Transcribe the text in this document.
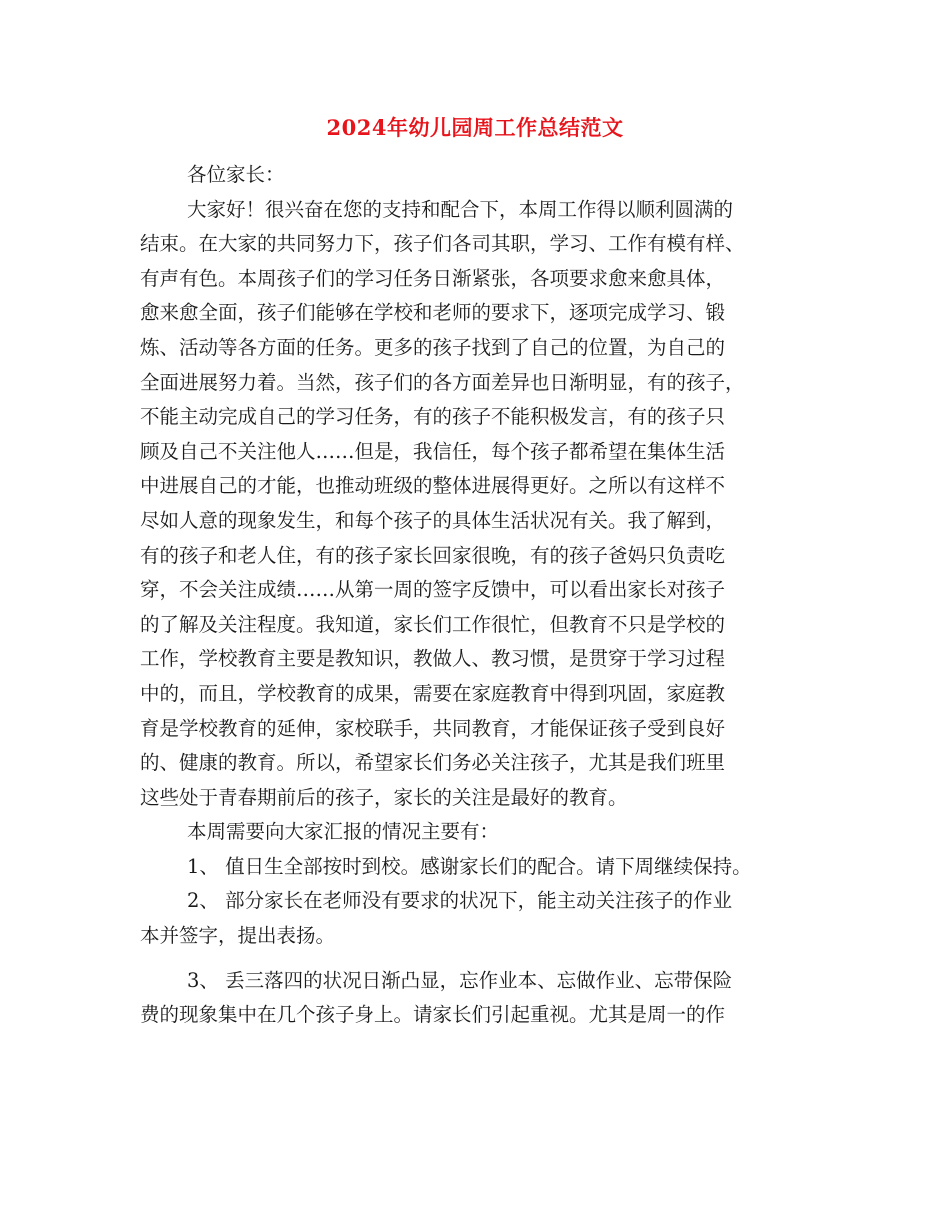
2024年幼儿园周工作总结范文
各位家长：
大家好！很兴奋在您的支持和配合下，本周工作得以顺利圆满的
结束。在大家的共同努力下，孩子们各司其职，学习、工作有模有样、
有声有色。本周孩子们的学习任务日渐紧张，各项要求愈来愈具体，
愈来愈全面，孩子们能够在学校和老师的要求下，逐项完成学习、锻
炼、活动等各方面的任务。更多的孩子找到了自己的位置，为自己的
全面进展努力着。当然，孩子们的各方面差异也日渐明显，有的孩子，
不能主动完成自己的学习任务，有的孩子不能积极发言，有的孩子只
顾及自己不关注他人……但是，我信任，每个孩子都希望在集体生活
中进展自己的才能，也推动班级的整体进展得更好。之所以有这样不
尽如人意的现象发生，和每个孩子的具体生活状况有关。我了解到，
有的孩子和老人住，有的孩子家长回家很晚，有的孩子爸妈只负责吃
穿，不会关注成绩……从第一周的签字反馈中，可以看出家长对孩子
的了解及关注程度。我知道，家长们工作很忙，但教育不只是学校的
工作，学校教育主要是教知识，教做人、教习惯，是贯穿于学习过程
中的，而且，学校教育的成果，需要在家庭教育中得到巩固，家庭教
育是学校教育的延伸，家校联手，共同教育，才能保证孩子受到良好
的、健康的教育。所以，希望家长们务必关注孩子，尤其是我们班里
这些处于青春期前后的孩子，家长的关注是最好的教育。
本周需要向大家汇报的情况主要有：
1、 值日生全部按时到校。感谢家长们的配合。请下周继续保持。
2、 部分家长在老师没有要求的状况下，能主动关注孩子的作业
本并签字，提出表扬。
3、 丢三落四的状况日渐凸显，忘作业本、忘做作业、忘带保险
费的现象集中在几个孩子身上。请家长们引起重视。尤其是周一的作
